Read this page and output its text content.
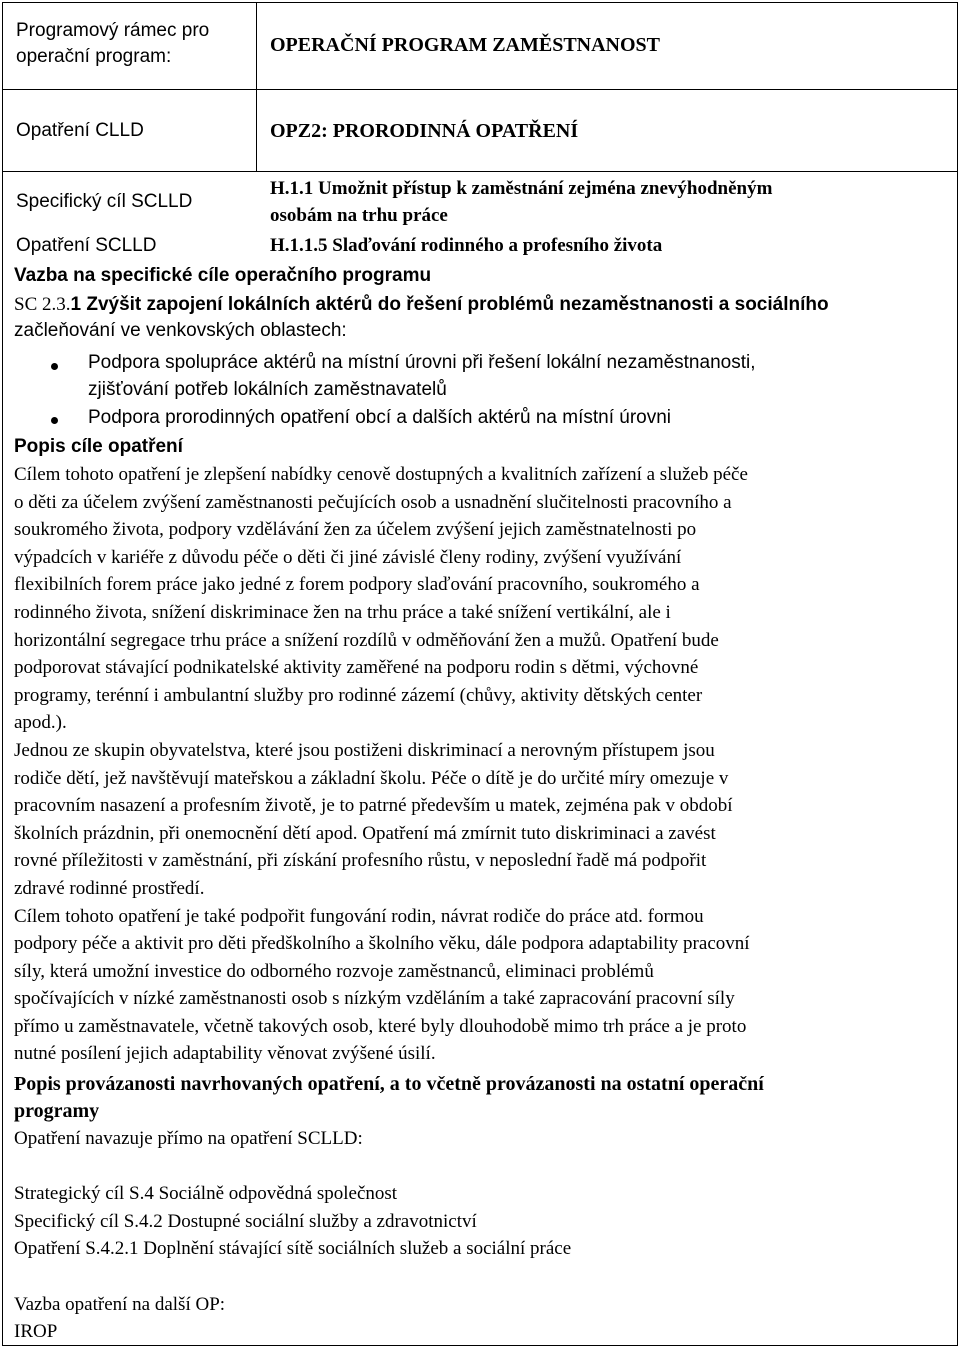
Programový rámec pro
operační program:
OPERAČNÍ PROGRAM ZAMĚSTNANOST
Opatření CLLD	OPZ2: PRORODINNÁ OPATŘENÍ
Specifický cíl SCLLD
H.1.1 Umožnit přístup k zaměstnání zejména znevýhodněným
osobám na trhu práce
Opatření SCLLD	H.1.1.5 Slaďování rodinného a profesního života
Vazba na specifické cíle operačního programu
SC 2.3.1 Zvýšit zapojení lokálních aktérů do řešení problémů nezaměstnanosti a sociálního
začleňování ve venkovských oblastech:
Podpora spolupráce aktérů na místní úrovni při řešení lokální nezaměstnanosti,
zjišťování potřeb lokálních zaměstnavatelů
Podpora prorodinných opatření obcí a dalších aktérů na místní úrovni
Popis cíle opatření
Cílem tohoto opatření je zlepšení nabídky cenově dostupných a kvalitních zařízení a služeb péče
o děti za účelem zvýšení zaměstnanosti pečujících osob a usnadnění slučitelnosti pracovního a
soukromého života, podpory vzdělávání žen za účelem zvýšení jejich zaměstnatelnosti po
výpadcích v kariéře z důvodu péče o děti či jiné závislé členy rodiny, zvýšení využívání
flexibilních forem práce jako jedné z forem podpory slaďování pracovního, soukromého a
rodinného života, snížení diskriminace žen na trhu práce a také snížení vertikální, ale i
horizontální segregace trhu práce a snížení rozdílů v odměňování žen a mužů. Opatření bude
podporovat stávající podnikatelské aktivity zaměřené na podporu rodin s dětmi, výchovné
programy, terénní i ambulantní služby pro rodinné zázemí (chůvy, aktivity dětských center
apod.).
Jednou ze skupin obyvatelstva, které jsou postiženi diskriminací a nerovným přístupem jsou
rodiče dětí, jež navštěvují mateřskou a základní školu. Péče o dítě je do určité míry omezuje v
pracovním nasazení a profesním životě, je to patrné především u matek, zejména pak v období
školních prázdnin, při onemocnění dětí apod. Opatření má zmírnit tuto diskriminaci a zavést
rovné příležitosti v zaměstnání, při získání profesního růstu, v neposlední řadě má podpořit
zdravé rodinné prostředí.
Cílem tohoto opatření je také podpořit fungování rodin, návrat rodiče do práce atd. formou
podpory péče a aktivit pro děti předškolního a školního věku, dále podpora adaptability pracovní
síly, která umožní investice do odborného rozvoje zaměstnanců, eliminaci problémů
spočívajících v nízké zaměstnanosti osob s nízkým vzděláním a také zapracování pracovní síly
přímo u zaměstnavatele, včetně takových osob, které byly dlouhodobě mimo trh práce a je proto
nutné posílení jejich adaptability věnovat zvýšené úsilí.
Popis provázanosti navrhovaných opatření, a to včetně provázanosti na ostatní operační
programy
Opatření navazuje přímo na opatření SCLLD:
Strategický cíl S.4 Sociálně odpovědná společnost
Specifický cíl S.4.2 Dostupné sociální služby a zdravotnictví
Opatření S.4.2.1 Doplnění stávající sítě sociálních služeb a sociální práce
Vazba opatření na další OP:
IROP
